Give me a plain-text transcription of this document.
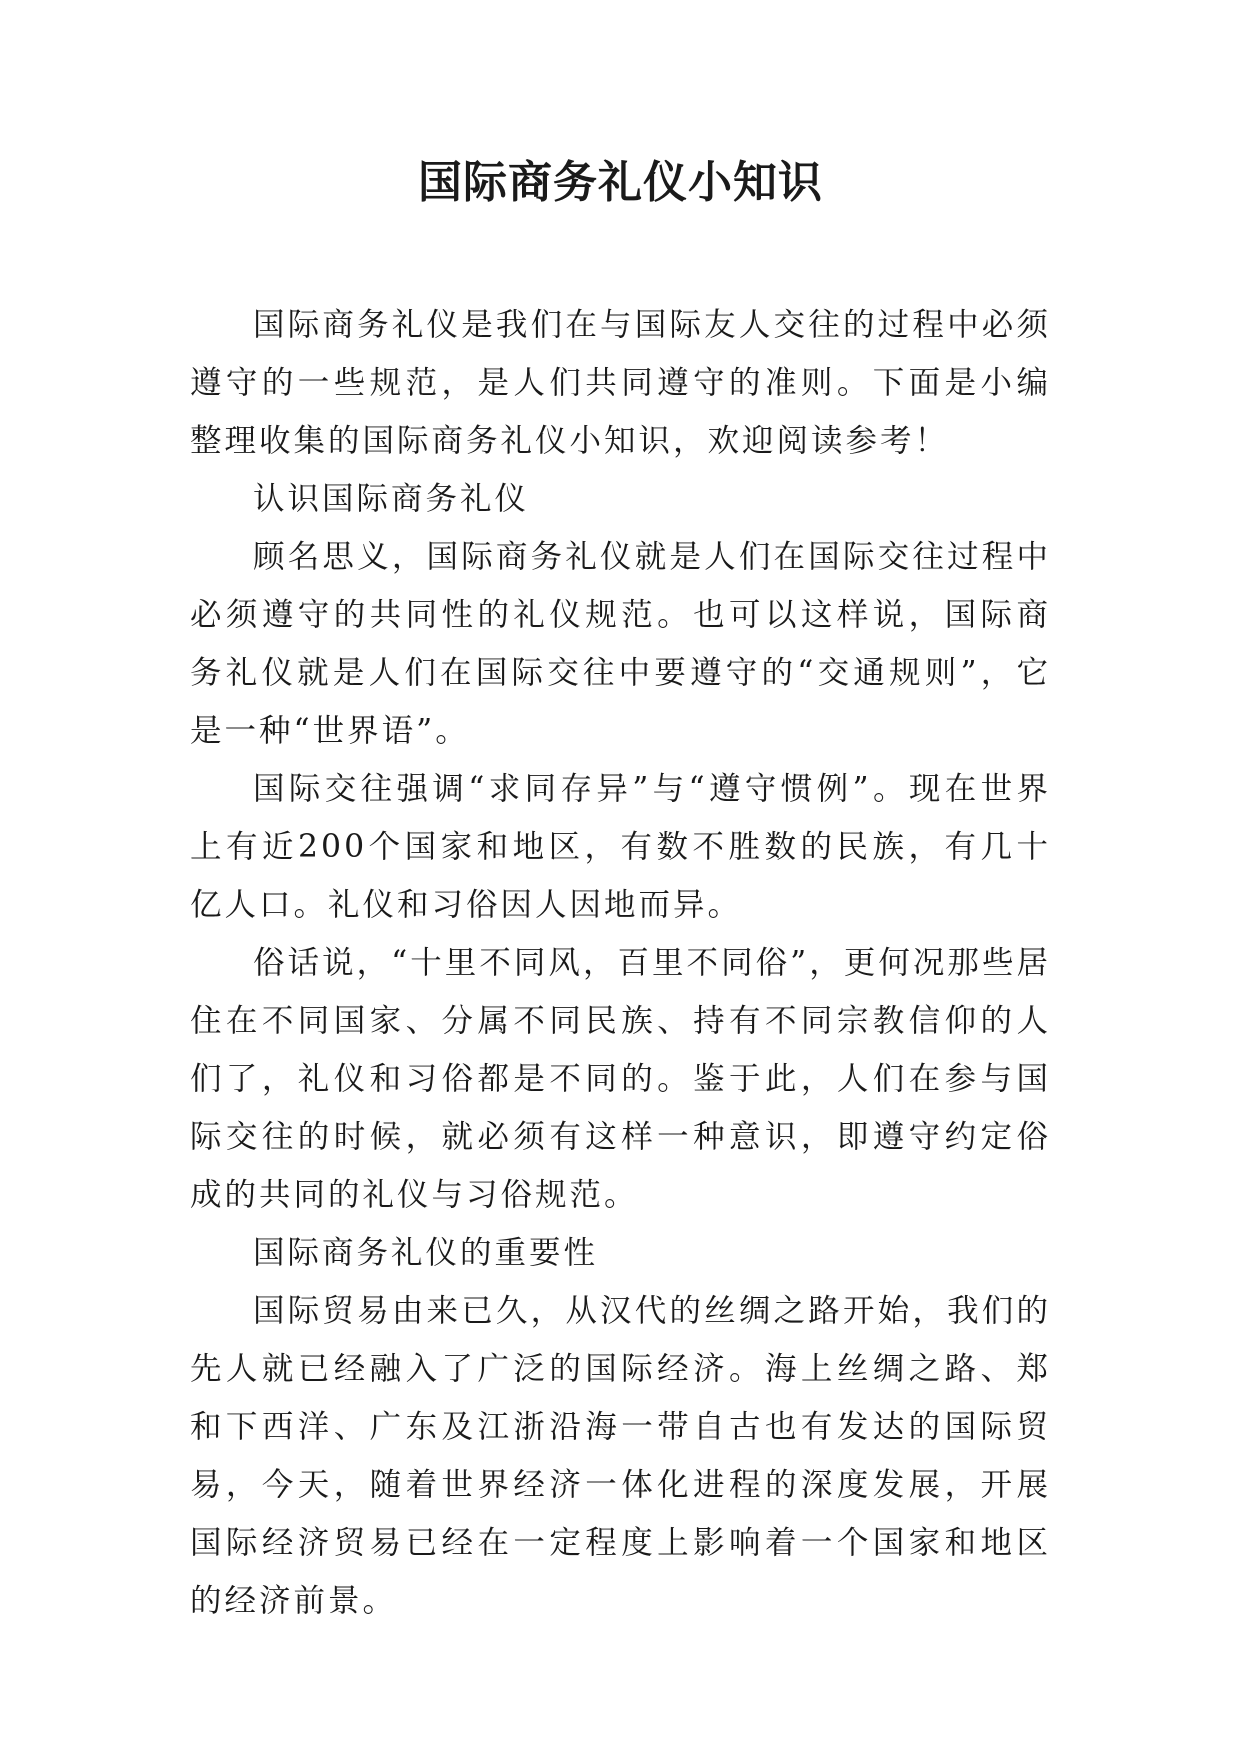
国际商务礼仪小知识

国际商务礼仪是我们在与国际友人交往的过程中必须遵守的一些规范，是人们共同遵守的准则。下面是小编整理收集的国际商务礼仪小知识，欢迎阅读参考！

认识国际商务礼仪

顾名思义，国际商务礼仪就是人们在国际交往过程中必须遵守的共同性的礼仪规范。也可以这样说，国际商务礼仪就是人们在国际交往中要遵守的“交通规则”，它是一种“世界语”。

国际交往强调“求同存异”与“遵守惯例”。现在世界上有近200个国家和地区，有数不胜数的民族，有几十亿人口。礼仪和习俗因人因地而异。

俗话说，“十里不同风，百里不同俗”，更何况那些居住在不同国家、分属不同民族、持有不同宗教信仰的人们了，礼仪和习俗都是不同的。鉴于此，人们在参与国际交往的时候，就必须有这样一种意识，即遵守约定俗成的共同的礼仪与习俗规范。

国际商务礼仪的重要性

国际贸易由来已久，从汉代的丝绸之路开始，我们的先人就已经融入了广泛的国际经济。海上丝绸之路、郑和下西洋、广东及江浙沿海一带自古也有发达的国际贸易，今天，随着世界经济一体化进程的深度发展，开展国际经济贸易已经在一定程度上影响着一个国家和地区的经济前景。
